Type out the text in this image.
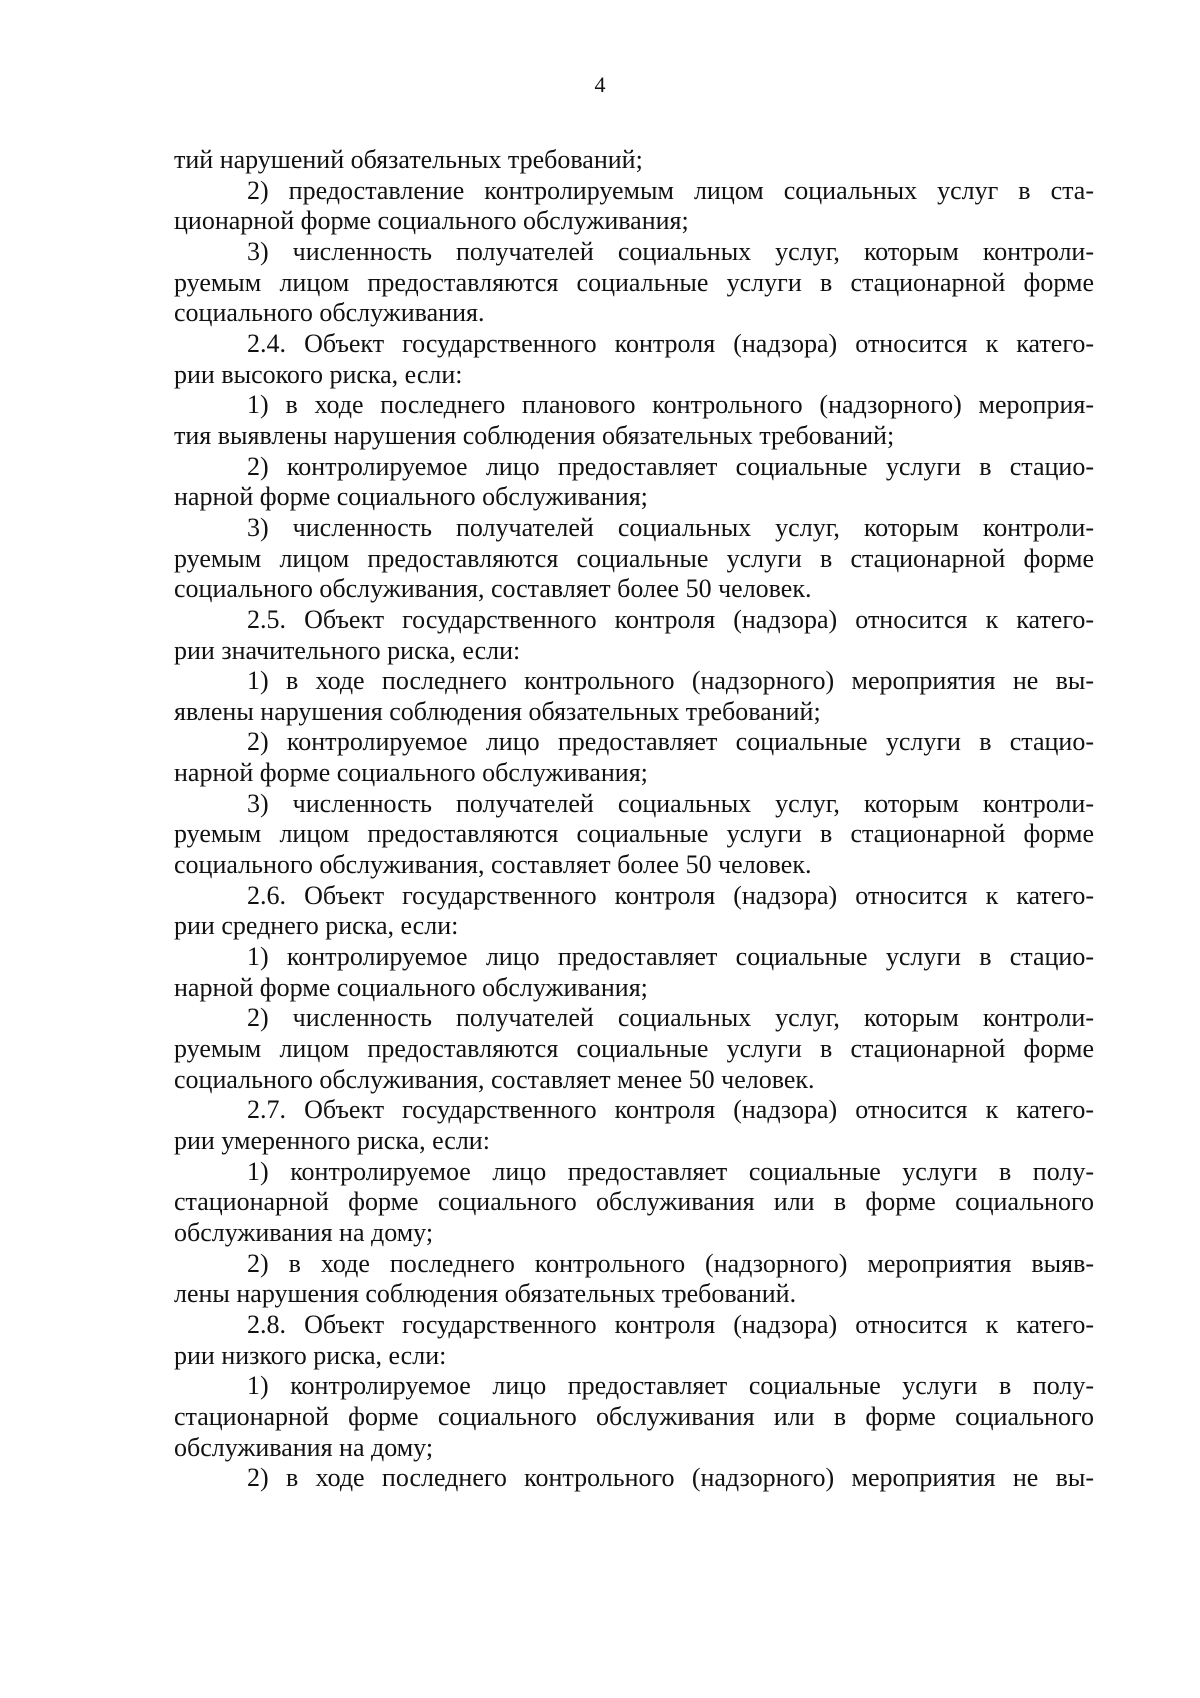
4
тий нарушений обязательных требований;
2) предоставление контролируемым лицом социальных услуг в ста-
ционарной форме социального обслуживания;
3) численность получателей социальных услуг, которым контроли-
руемым лицом предоставляются социальные услуги в стационарной форме
социального обслуживания.
2.4. Объект государственного контроля (надзора) относится к катего-
рии высокого риска, если:
1) в ходе последнего планового контрольного (надзорного) мероприя-
тия выявлены нарушения соблюдения обязательных требований;
2) контролируемое лицо предоставляет социальные услуги в стацио-
нарной форме социального обслуживания;
3) численность получателей социальных услуг, которым контроли-
руемым лицом предоставляются социальные услуги в стационарной форме
социального обслуживания, составляет более 50 человек.
2.5. Объект государственного контроля (надзора) относится к катего-
рии значительного риска, если:
1) в ходе последнего контрольного (надзорного) мероприятия не вы-
явлены нарушения соблюдения обязательных требований;
2) контролируемое лицо предоставляет социальные услуги в стацио-
нарной форме социального обслуживания;
3) численность получателей социальных услуг, которым контроли-
руемым лицом предоставляются социальные услуги в стационарной форме
социального обслуживания, составляет более 50 человек.
2.6. Объект государственного контроля (надзора) относится к катего-
рии среднего риска, если:
1) контролируемое лицо предоставляет социальные услуги в стацио-
нарной форме социального обслуживания;
2) численность получателей социальных услуг, которым контроли-
руемым лицом предоставляются социальные услуги в стационарной форме
социального обслуживания, составляет менее 50 человек.
2.7. Объект государственного контроля (надзора) относится к катего-
рии умеренного риска, если:
1) контролируемое лицо предоставляет социальные услуги в полу-
стационарной форме социального обслуживания или в форме социального
обслуживания на дому;
2) в ходе последнего контрольного (надзорного) мероприятия выяв-
лены нарушения соблюдения обязательных требований.
2.8. Объект государственного контроля (надзора) относится к катего-
рии низкого риска, если:
1) контролируемое лицо предоставляет социальные услуги в полу-
стационарной форме социального обслуживания или в форме социального
обслуживания на дому;
2) в ходе последнего контрольного (надзорного) мероприятия не вы-
